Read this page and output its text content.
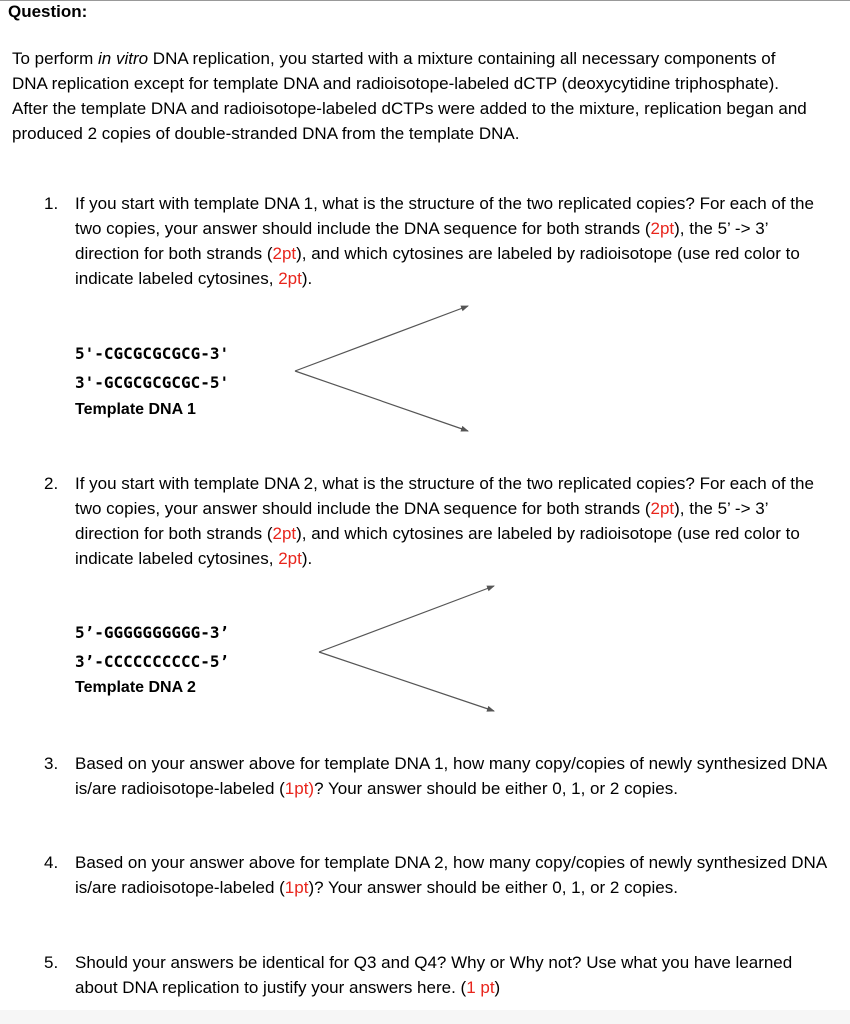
Question:
To perform in vitro DNA replication, you started with a mixture containing all necessary components of DNA replication except for template DNA and radioisotope-labeled dCTP (deoxycytidine triphosphate). After the template DNA and radioisotope-labeled dCTPs were added to the mixture, replication began and produced 2 copies of double-stranded DNA from the template DNA.
1. If you start with template DNA 1, what is the structure of the two replicated copies? For each of the two copies, your answer should include the DNA sequence for both strands (2pt), the 5’ -> 3’ direction for both strands (2pt), and which cytosines are labeled by radioisotope (use red color to indicate labeled cytosines, 2pt).
5'-CGCGCGCGCG-3'
3'-GCGCGCGCGC-5'
Template DNA 1
2. If you start with template DNA 2, what is the structure of the two replicated copies? For each of the two copies, your answer should include the DNA sequence for both strands (2pt), the 5’ -> 3’ direction for both strands (2pt), and which cytosines are labeled by radioisotope (use red color to indicate labeled cytosines, 2pt).
5’-GGGGGGGGGG-3’
3’-CCCCCCCCCC-5’
Template DNA 2
3. Based on your answer above for template DNA 1, how many copy/copies of newly synthesized DNA is/are radioisotope-labeled (1pt)? Your answer should be either 0, 1, or 2 copies.
4. Based on your answer above for template DNA 2, how many copy/copies of newly synthesized DNA is/are radioisotope-labeled (1pt)? Your answer should be either 0, 1, or 2 copies.
5. Should your answers be identical for Q3 and Q4? Why or Why not? Use what you have learned about DNA replication to justify your answers here. (1 pt)
